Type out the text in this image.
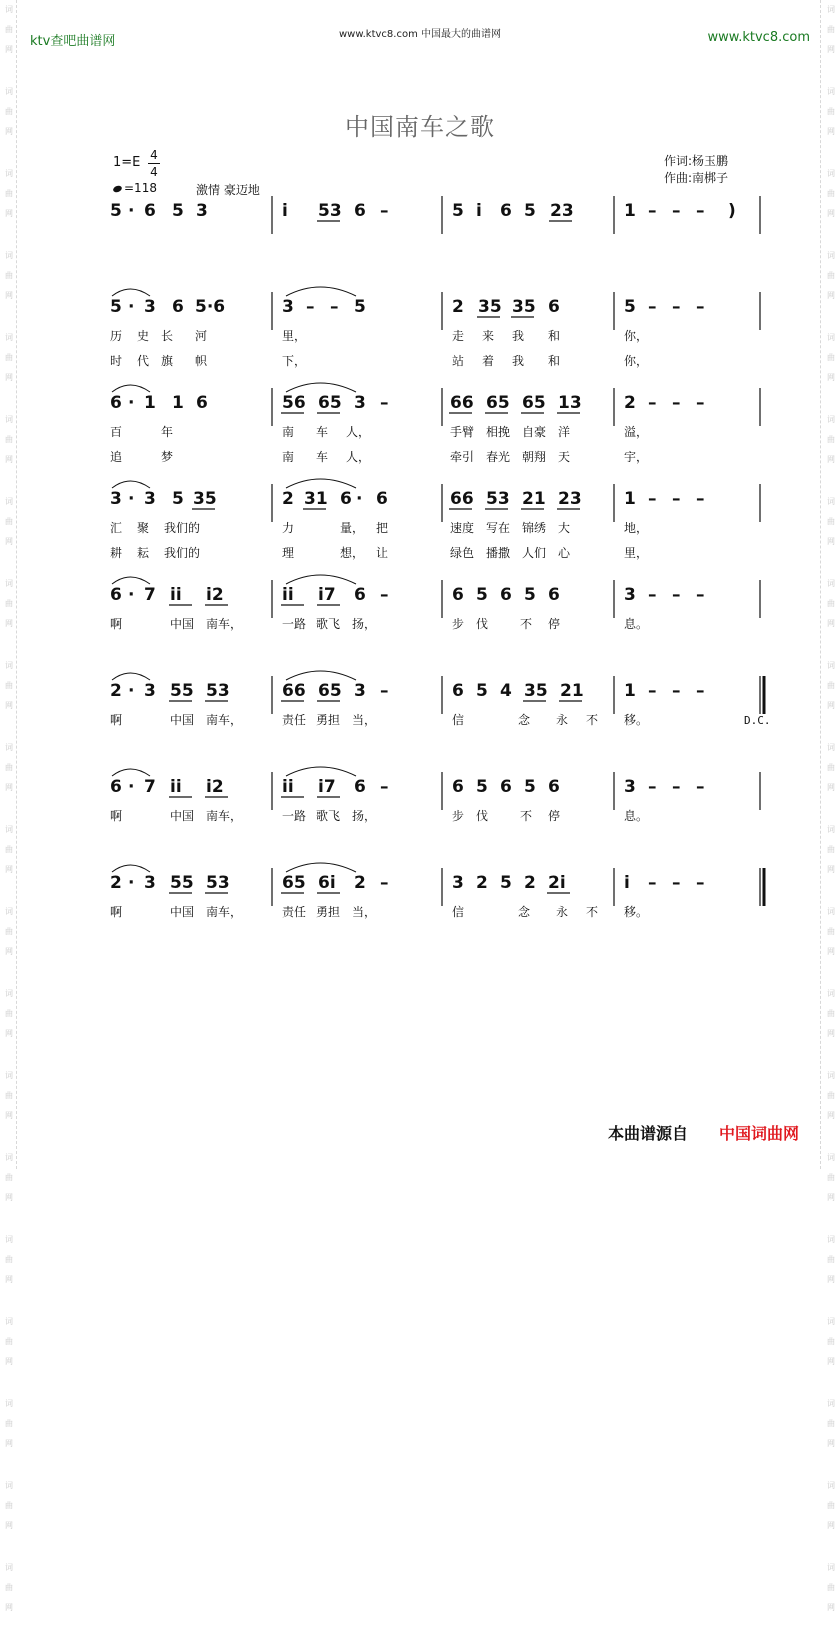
词
曲
网
词
曲
网
词
曲
网
词
曲
网
词
曲
网
词
曲
网
词
曲
网
词
曲
网
词
曲
网
词
曲
网
词
曲
网
词
曲
网
词
曲
网
词
曲
网
词
曲
网
词
曲
网
词
曲
网
词
曲
网
词
曲
网
词
曲
网
词
曲
网
词
曲
网
词
曲
网
词
曲
网
词
曲
网
词
曲
网
词
曲
网
词
曲
网
词
曲
网
词
曲
网
词
曲
网
词
曲
网
词
曲
网
词
曲
网
词
曲
网
词
曲
网
词
曲
网
词
曲
网
词
曲
网
词
曲
网
ktv查吧曲谱网	www.ktvc8.com 中国最大的曲谱网	www.ktvc8.com
中国南车之歌
$1=E \frac{4}{4}$
=118	激情 豪迈地
作词:杨玉鹏
作曲:南梆子
5 · 6 5 3	i 53 6 –	5 i 6 5 23	1 – – – )
5 · 3 6 5·6	3 – – 5	2 35 35 6	5 – – –
历 史 长 河	里，	走 来 我 和	你，
时 代 旗 帜	下，	站 着 我 和	你，
6 · 1 1 6	56 65 3 –	66 65 65 13 2 – – –
百	年	南 车 人，	手臂 相挽 自豪 洋	溢，
追	梦	南 车 人，	牵引 春光 朝翔 天	宇，
3 · 3 5 35	2 31 6 · 6	66 53 21 23 1 – – –
汇 聚 我们的	力	量， 把	速度 写在 锦绣 大	地，
耕 耘 我们的	理	想， 让	绿色 播撒 人们 心	里，
6 · 7 ii i2	ii i7 6 –	6 5 6 5 6	3 – – –
啊	中国 南车，	一路 歌飞 扬，	步 伐	不 停	息。
2 · 3 55 53	66 65 3 –	6 5 4 35 21 1 – – –
啊	中国 南车，	责任 勇担 当，	信	念 永 不 移。
6 · 7 ii i2	ii i7 6 –	6 5 6 5 6	3 – – –
啊	中国 南车，	一路 歌飞 扬，	步 伐	不 停	息。
2 · 3 55 53	65 6i 2 –	3 2 5 2 2i	i – – –
啊	中国 南车，	责任 勇担 当，	信	念 永 不 移。
D.C.
本曲谱源自 中国词曲网
